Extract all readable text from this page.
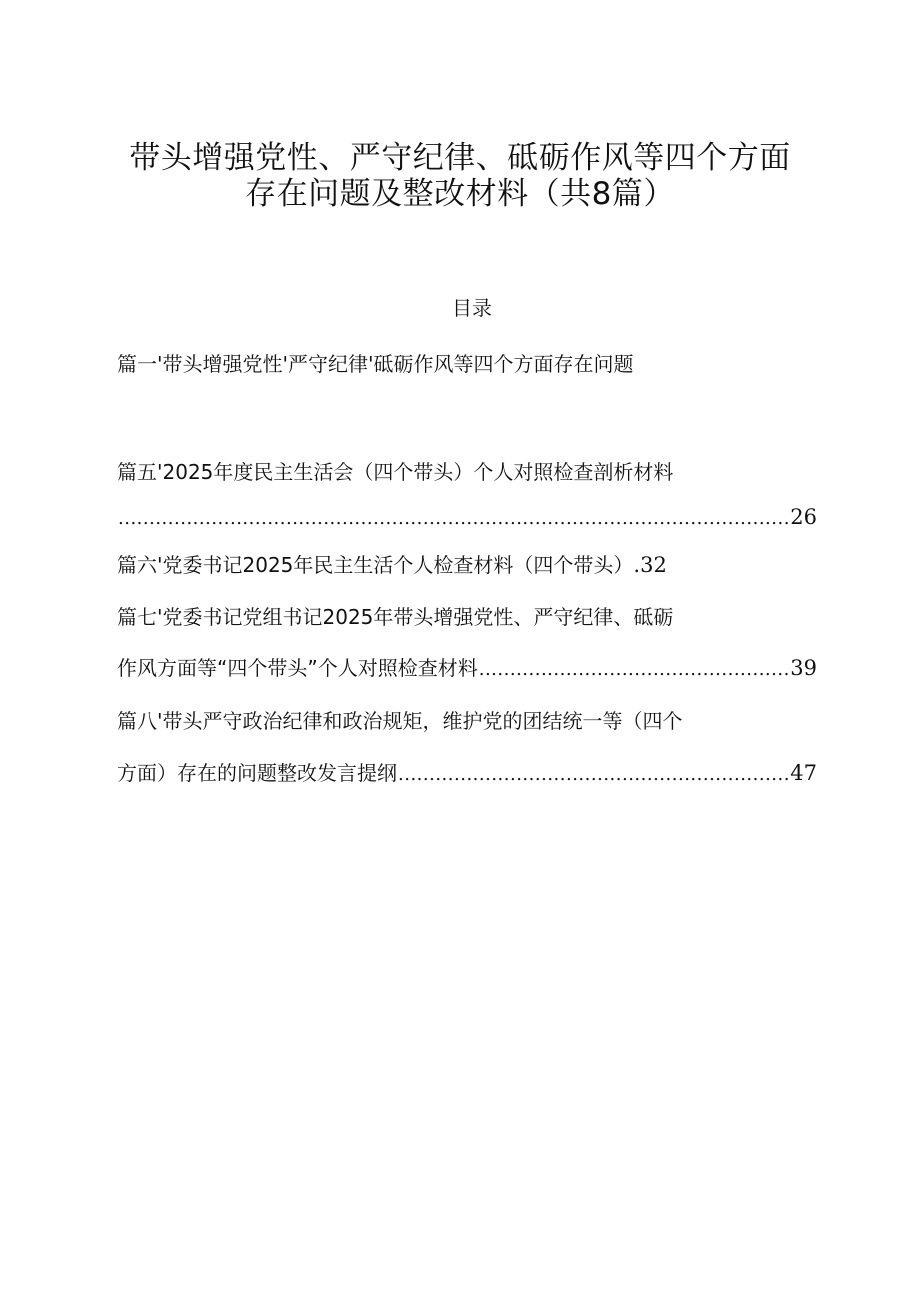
带头增强党性、严守纪律、砥砺作风等四个方面
存在问题及整改材料（共8篇）
目录
篇一'带头增强党性'严守纪律'砥砺作风等四个方面存在问题
篇五'2025年度民主生活会（四个带头）个人对照检查剖析材料
.....
26
篇六'党委书记2025年民主生活个人检查材料（四个带头） .32
篇七'党委书记党组书记2025年带头增强党性、严守纪律、砥砺
作风方面等“四个带头”个人对照检查材料 .....	39
篇八'带头严守政治纪律和政治规矩，维护党的团结统一等（四个
方面）存在的问题整改发言提纲 .....	47
